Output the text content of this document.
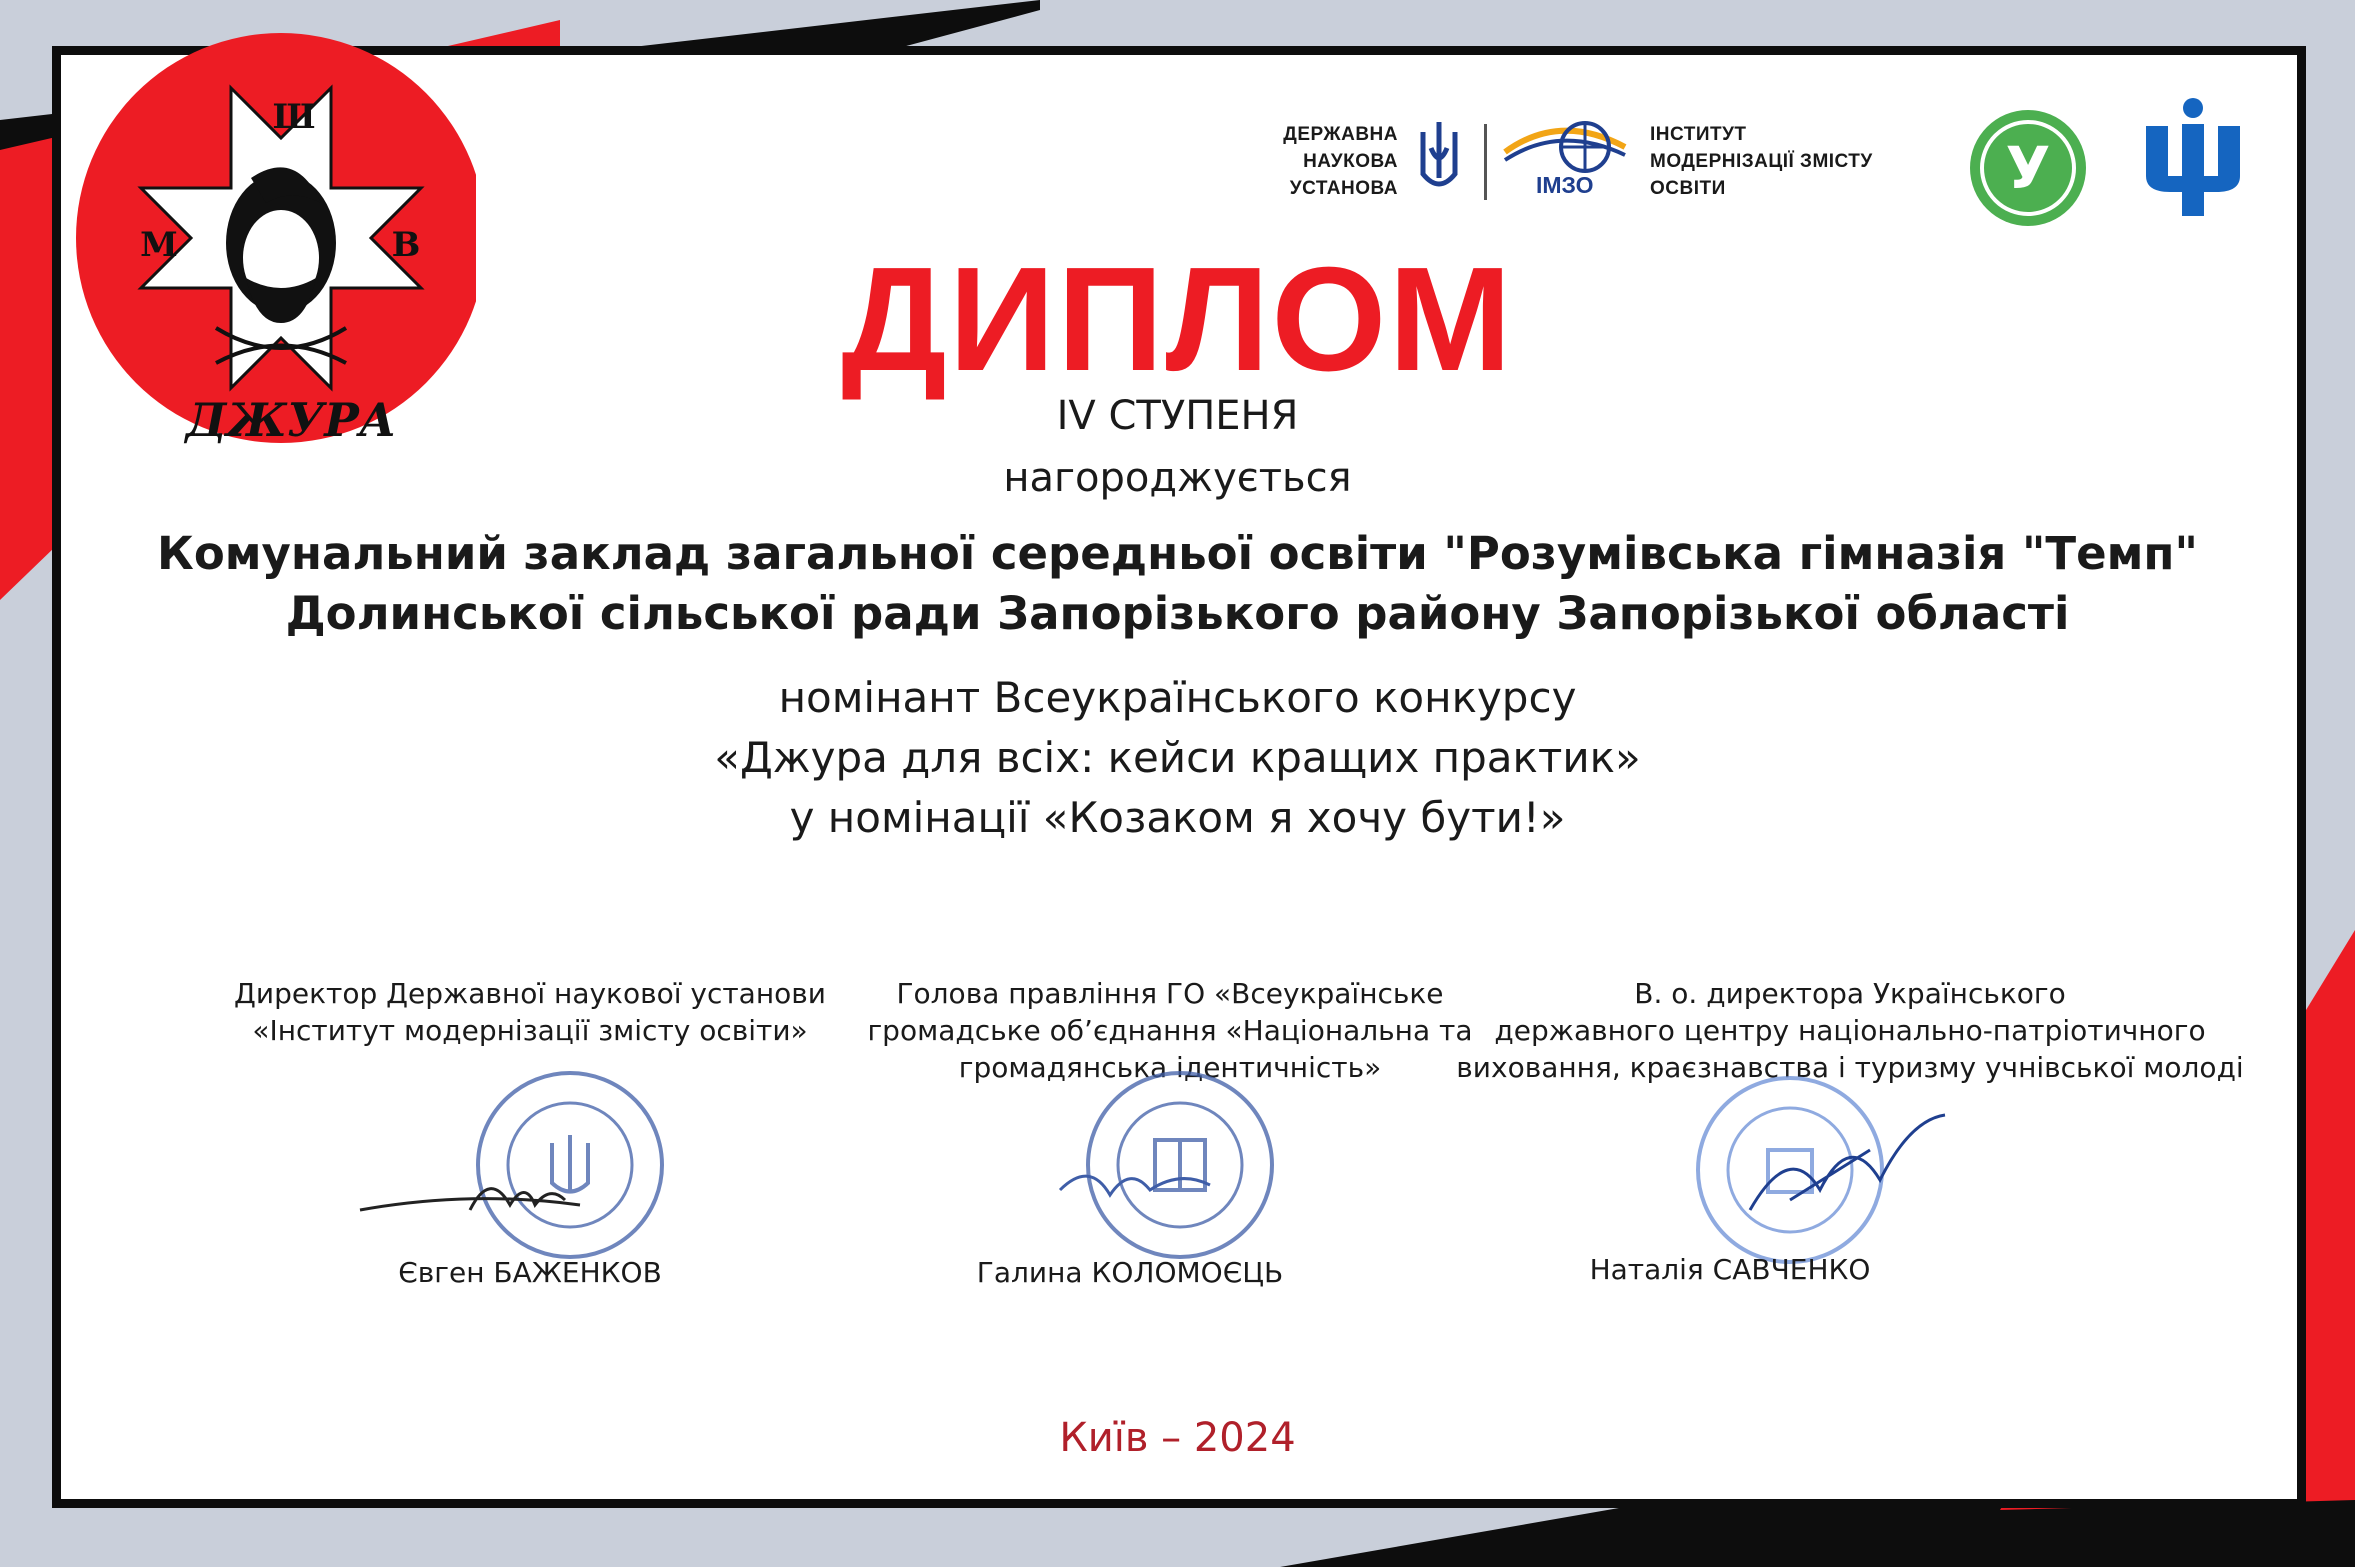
Ш
М	В
ДЖУРА
ДЕРЖАВНА
НАУКОВА
УСТАНОВА	ІМЗО
ІНСТИТУТ
МОДЕРНІЗАЦІЇ ЗМІСТУ
ОСВІТИ	У
ДИПЛОМ
IV СТУПЕНЯ
нагороджується
Комунальний заклад загальної середньої освіти "Розумівська гімназія "Темп"
Долинської сільської ради Запорізького району Запорізької області
номінант Всеукраїнського конкурсу
«Джура для всіх: кейси кращих практик»
у номінації «Козаком я хочу бути!»
Директор Державної наукової установи
«Інститут модернізації змісту освіти»
Євген БАЖЕНКОВ
Голова правління ГО «Всеукраїнське
громадське об’єднання «Національна та
громадянська ідентичність»
Галина КОЛОМОЄЦЬ
В. о. директора Українського
державного центру національно-патріотичного
виховання, краєзнавства і туризму учнівської молоді
Наталія САВЧЕНКО
Київ – 2024
